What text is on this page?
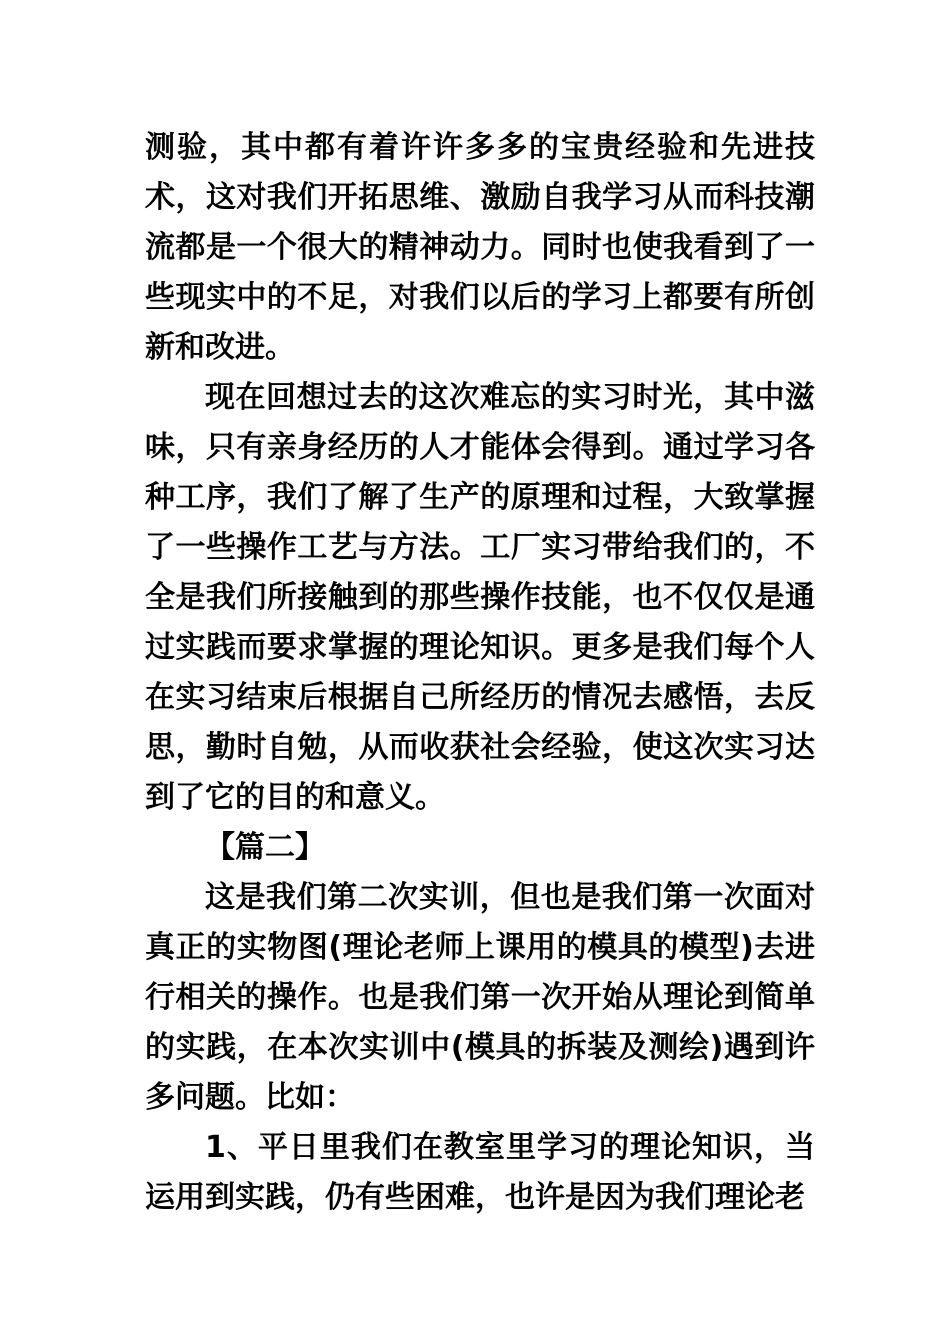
测验，其中都有着许许多多的宝贵经验和先进技术，这对我们开拓思维、激励自我学习从而科技潮流都是一个很大的精神动力。同时也使我看到了一些现实中的不足，对我们以后的学习上都要有所创新和改进。

现在回想过去的这次难忘的实习时光，其中滋味，只有亲身经历的人才能体会得到。通过学习各种工序，我们了解了生产的原理和过程，大致掌握了一些操作工艺与方法。工厂实习带给我们的，不全是我们所接触到的那些操作技能，也不仅仅是通过实践而要求掌握的理论知识。更多是我们每个人在实习结束后根据自己所经历的情况去感悟，去反思，勤时自勉，从而收获社会经验，使这次实习达到了它的目的和意义。

【篇二】

这是我们第二次实训，但也是我们第一次面对真正的实物图(理论老师上课用的模具的模型)去进行相关的操作。也是我们第一次开始从理论到简单的实践，在本次实训中(模具的拆装及测绘)遇到许多问题。比如：

1、平日里我们在教室里学习的理论知识，当运用到实践，仍有些困难，也许是因为我们理论老
